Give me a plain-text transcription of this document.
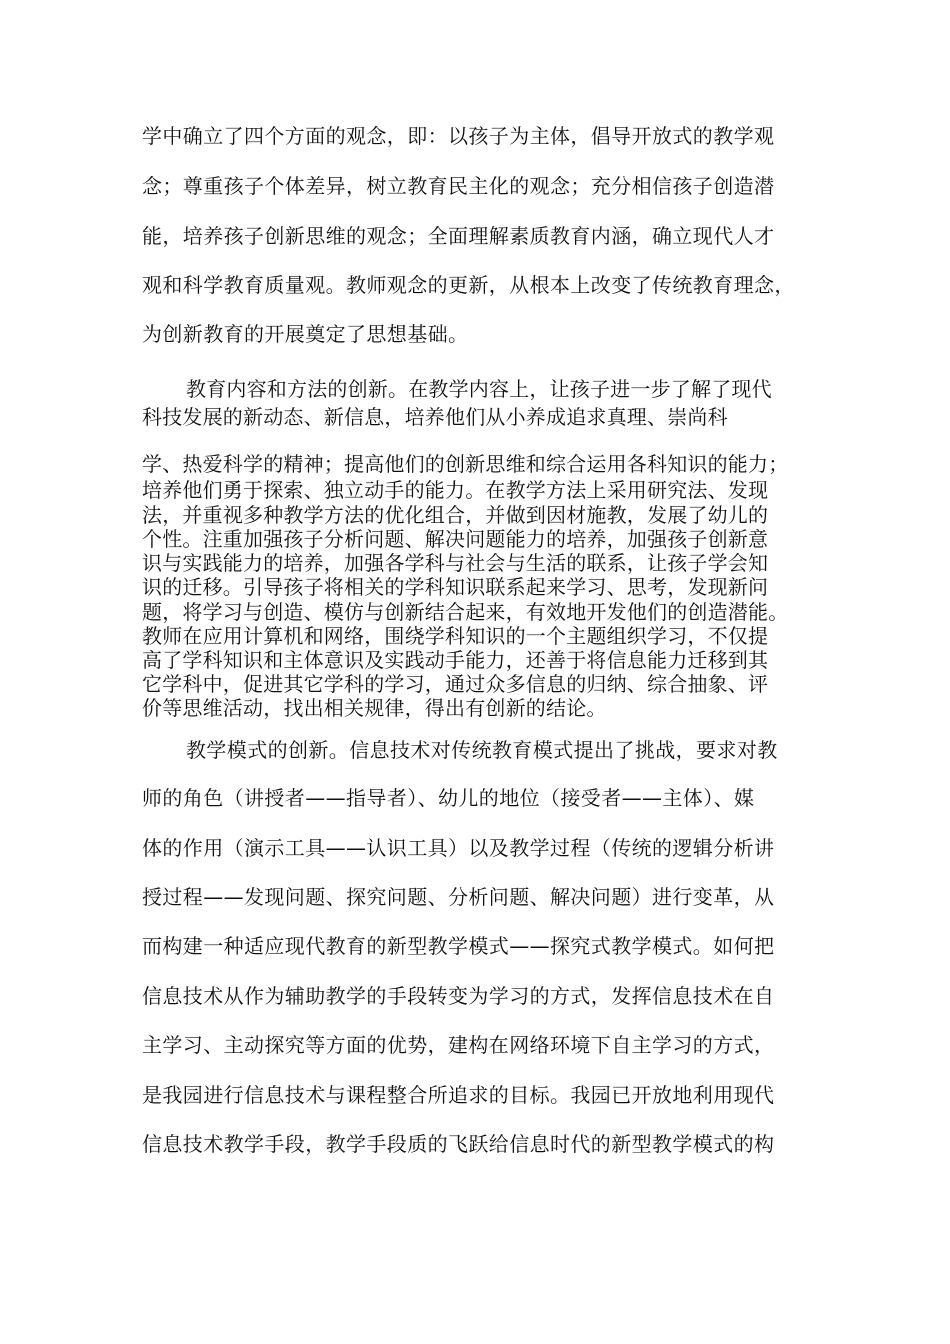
学中确立了四个方面的观念，即：以孩子为主体，倡导开放式的教学观
念；尊重孩子个体差异，树立教育民主化的观念；充分相信孩子创造潜
能，培养孩子创新思维的观念；全面理解素质教育内涵，确立现代人才
观和科学教育质量观。教师观念的更新，从根本上改变了传统教育理念，
为创新教育的开展奠定了思想基础。
教育内容和方法的创新。在教学内容上，让孩子进一步了解了现代
科技发展的新动态、新信息，培养他们从小养成追求真理、崇尚科
学、热爱科学的精神；提高他们的创新思维和综合运用各科知识的能力；
培养他们勇于探索、独立动手的能力。在教学方法上采用研究法、发现
法，并重视多种教学方法的优化组合，并做到因材施教，发展了幼儿的
个性。注重加强孩子分析问题、解决问题能力的培养，加强孩子创新意
识与实践能力的培养，加强各学科与社会与生活的联系，让孩子学会知
识的迁移。引导孩子将相关的学科知识联系起来学习、思考，发现新问
题，将学习与创造、模仿与创新结合起来，有效地开发他们的创造潜能。
教师在应用计算机和网络，围绕学科知识的一个主题组织学习，不仅提
高了学科知识和主体意识及实践动手能力，还善于将信息能力迁移到其
它学科中，促进其它学科的学习，通过众多信息的归纳、综合抽象、评
价等思维活动，找出相关规律，得出有创新的结论。
教学模式的创新。信息技术对传统教育模式提出了挑战，要求对教
师的角色（讲授者——指导者）、幼儿的地位（接受者——主体）、媒
体的作用（演示工具——认识工具）以及教学过程（传统的逻辑分析讲
授过程——发现问题、探究问题、分析问题、解决问题）进行变革，从
而构建一种适应现代教育的新型教学模式——探究式教学模式。如何把
信息技术从作为辅助教学的手段转变为学习的方式，发挥信息技术在自
主学习、主动探究等方面的优势，建构在网络环境下自主学习的方式，
是我园进行信息技术与课程整合所追求的目标。我园已开放地利用现代
信息技术教学手段，教学手段质的飞跃给信息时代的新型教学模式的构
